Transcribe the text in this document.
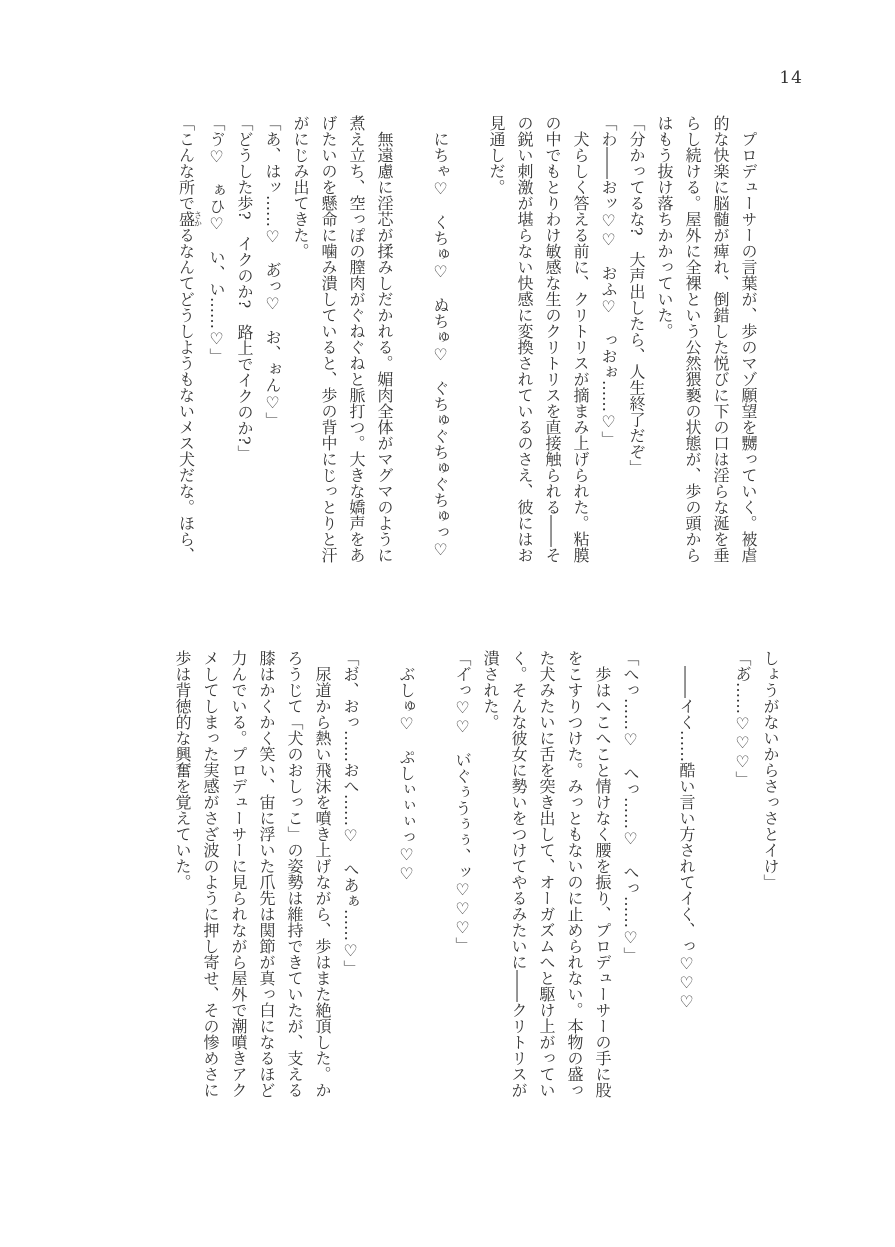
14

　プロデューサーの言葉が、歩のマゾ願望を嬲っていく。被虐的な快楽に脳髄が痺れ、倒錯した悦びに下の口は淫らな涎を垂らし続ける。屋外に全裸という公然猥褻の状態が、歩の頭からはもう抜け落ちかかっていた。

「分かってるな?　大声出したら、人生終了だぞ」

「わ――おッ♡♡　おふ♡　っおぉ……♡」

　犬らしく答える前に、クリトリスが摘まみ上げられた。粘膜の中でもとりわけ敏感な生のクリトリスを直接触られる――その鋭い刺激が堪らない快感に変換されているのさえ、彼にはお見通しだ。

　にちゃ♡　くちゅ♡　ぬちゅ♡　ぐちゅぐちゅぐちゅっ♡

　無遠慮に淫芯が揉みしだかれる。媚肉全体がマグマのように煮え立ち、空っぽの膣肉がぐねぐねと脈打つ。大きな嬌声をあげたいのを懸命に噛み潰していると、歩の背中にじっとりと汗がにじみ出てきた。

「あ、はッ……♡　あ゙っ♡　お、ぉん♡」

「どうした歩?　イクのか?　路上でイクのか?」

「ゔ♡　ぁひ♡　い、い……♡」

「こんな所で盛さかるなんてどうしようもないメス犬だな。ほら、

しょうがないからさっさとイけ」

「あ゙……♡♡♡」

　――イく……酷い言い方されてイく、っ♡♡♡

「へっ……♡　へっ……♡　へっ……♡」

　歩はへこへこと情けなく腰を振り、プロデューサーの手に股をこすりつけた。みっともないのに止められない。本物の盛った犬みたいに舌を突き出して、オーガズムへと駆け上がっていく。そんな彼女に勢いをつけてやるみたいに――クリトリスが潰された。

「イ゙っ♡♡　い゙ぐぅうぅぅ、ッ♡♡♡」

　ぶしゅ♡　ぷしぃぃぃっ♡♡

「お゙、おっ……おへ……♡　へあぁ……♡」

　尿道から熱い飛沫を噴き上げながら、歩はまた絶頂した。かろうじて「犬のおしっこ」の姿勢は維持できていたが、支える膝はかくかく笑い、宙に浮いた爪先は関節が真っ白になるほど力んでいる。プロデューサーに見られながら屋外で潮噴きアクメしてしまった実感がさざ波のように押し寄せ、その惨めさに歩は背徳的な興奮を覚えていた。
